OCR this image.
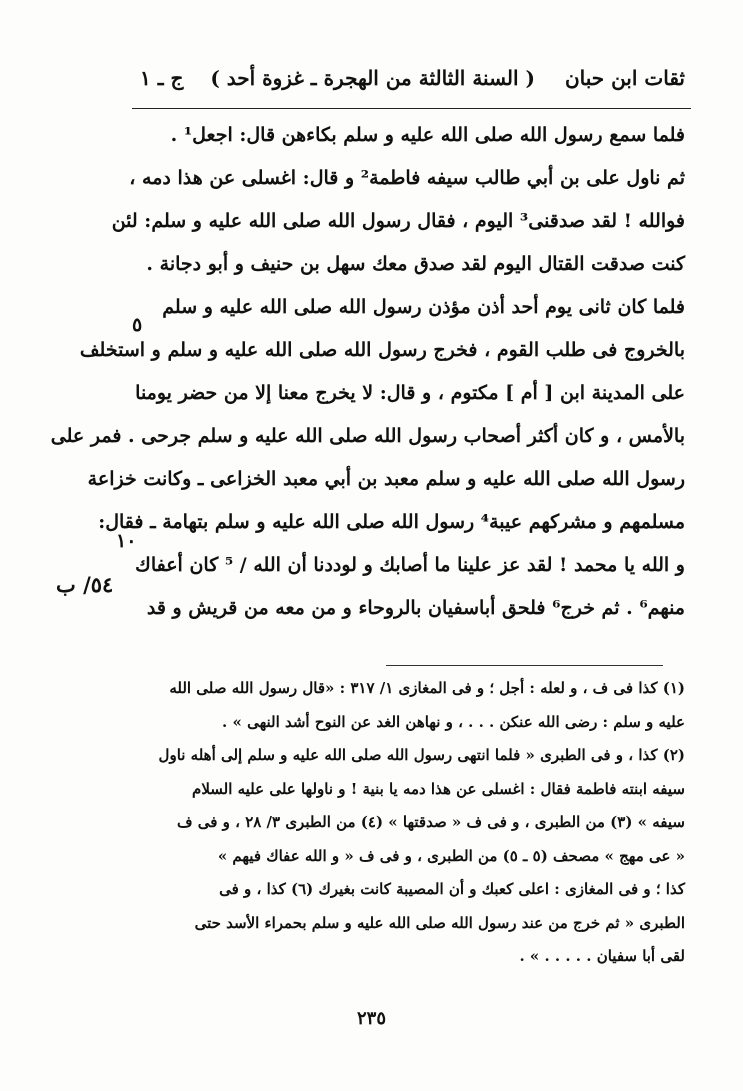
ثقات ابن حبان
( السنة الثالثة من الهجرة ـ غزوة أحد )
ج ـ ١
فلما سمع رسول الله صلى الله عليه و سلم بكاءهن قال: اجعل¹ .
ثم ناول على بن أبي طالب سيفه فاطمة² و قال: اغسلى عن هذا دمه ،
فوالله ! لقد صدقنى³ اليوم ، فقال رسول الله صلى الله عليه و سلم: لئن
كنت صدقت القتال اليوم لقد صدق معك سهل بن حنيف و أبو دجانة .
فلما كان ثانى يوم أحد أذن مؤذن رسول الله صلى الله عليه و سلم
بالخروج فى طلب القوم ، فخرج رسول الله صلى الله عليه و سلم و استخلف
على المدينة ابن [ أم ] مكتوم ، و قال: لا يخرج معنا إلا من حضر يومنا
بالأمس ، و كان أكثر أصحاب رسول الله صلى الله عليه و سلم جرحى . فمر على
رسول الله صلى الله عليه و سلم معبد بن أبي معبد الخزاعى ـ وكانت خزاعة
مسلمهم و مشركهم عيبة⁴ رسول الله صلى الله عليه و سلم بتهامة ـ فقال:
و الله يا محمد ! لقد عز علينا ما أصابك و لوددنا أن الله / ⁵ كان أعفاك
منهم⁶ . ثم خرج⁶ فلحق أباسفيان بالروحاء و من معه من قريش و قد
٥
١٠
٥٤/ ب
(١) كذا فى ف ، و لعله : أجل ؛ و فى المغازى ١/ ٣١٧ : «قال رسول الله صلى الله
عليه و سلم : رضى الله عنكن . . . ، و نهاهن الغد عن النوح أشد النهى » .
(٢) كذا ، و فى الطبرى « فلما انتهى رسول الله صلى الله عليه و سلم إلى أهله ناول
سيفه ابنته فاطمة فقال : اغسلى عن هذا دمه يا بنية ! و ناولها على عليه السلام
سيفه » (٣) من الطبرى ، و فى ف « صدقتها » (٤) من الطبرى ٣/ ٢٨ ، و فى ف
« عى مهج » مصحف (٥ ـ ٥) من الطبرى ، و فى ف « و الله عفاك فيهم »
كذا ؛ و فى المغازى : اعلى كعبك و أن المصيبة كانت بغيرك (٦) كذا ، و فى
الطبرى « ثم خرج من عند رسول الله صلى الله عليه و سلم بحمراء الأسد حتى
لقى أبا سفيان . . . . . » .
٢٣٥
